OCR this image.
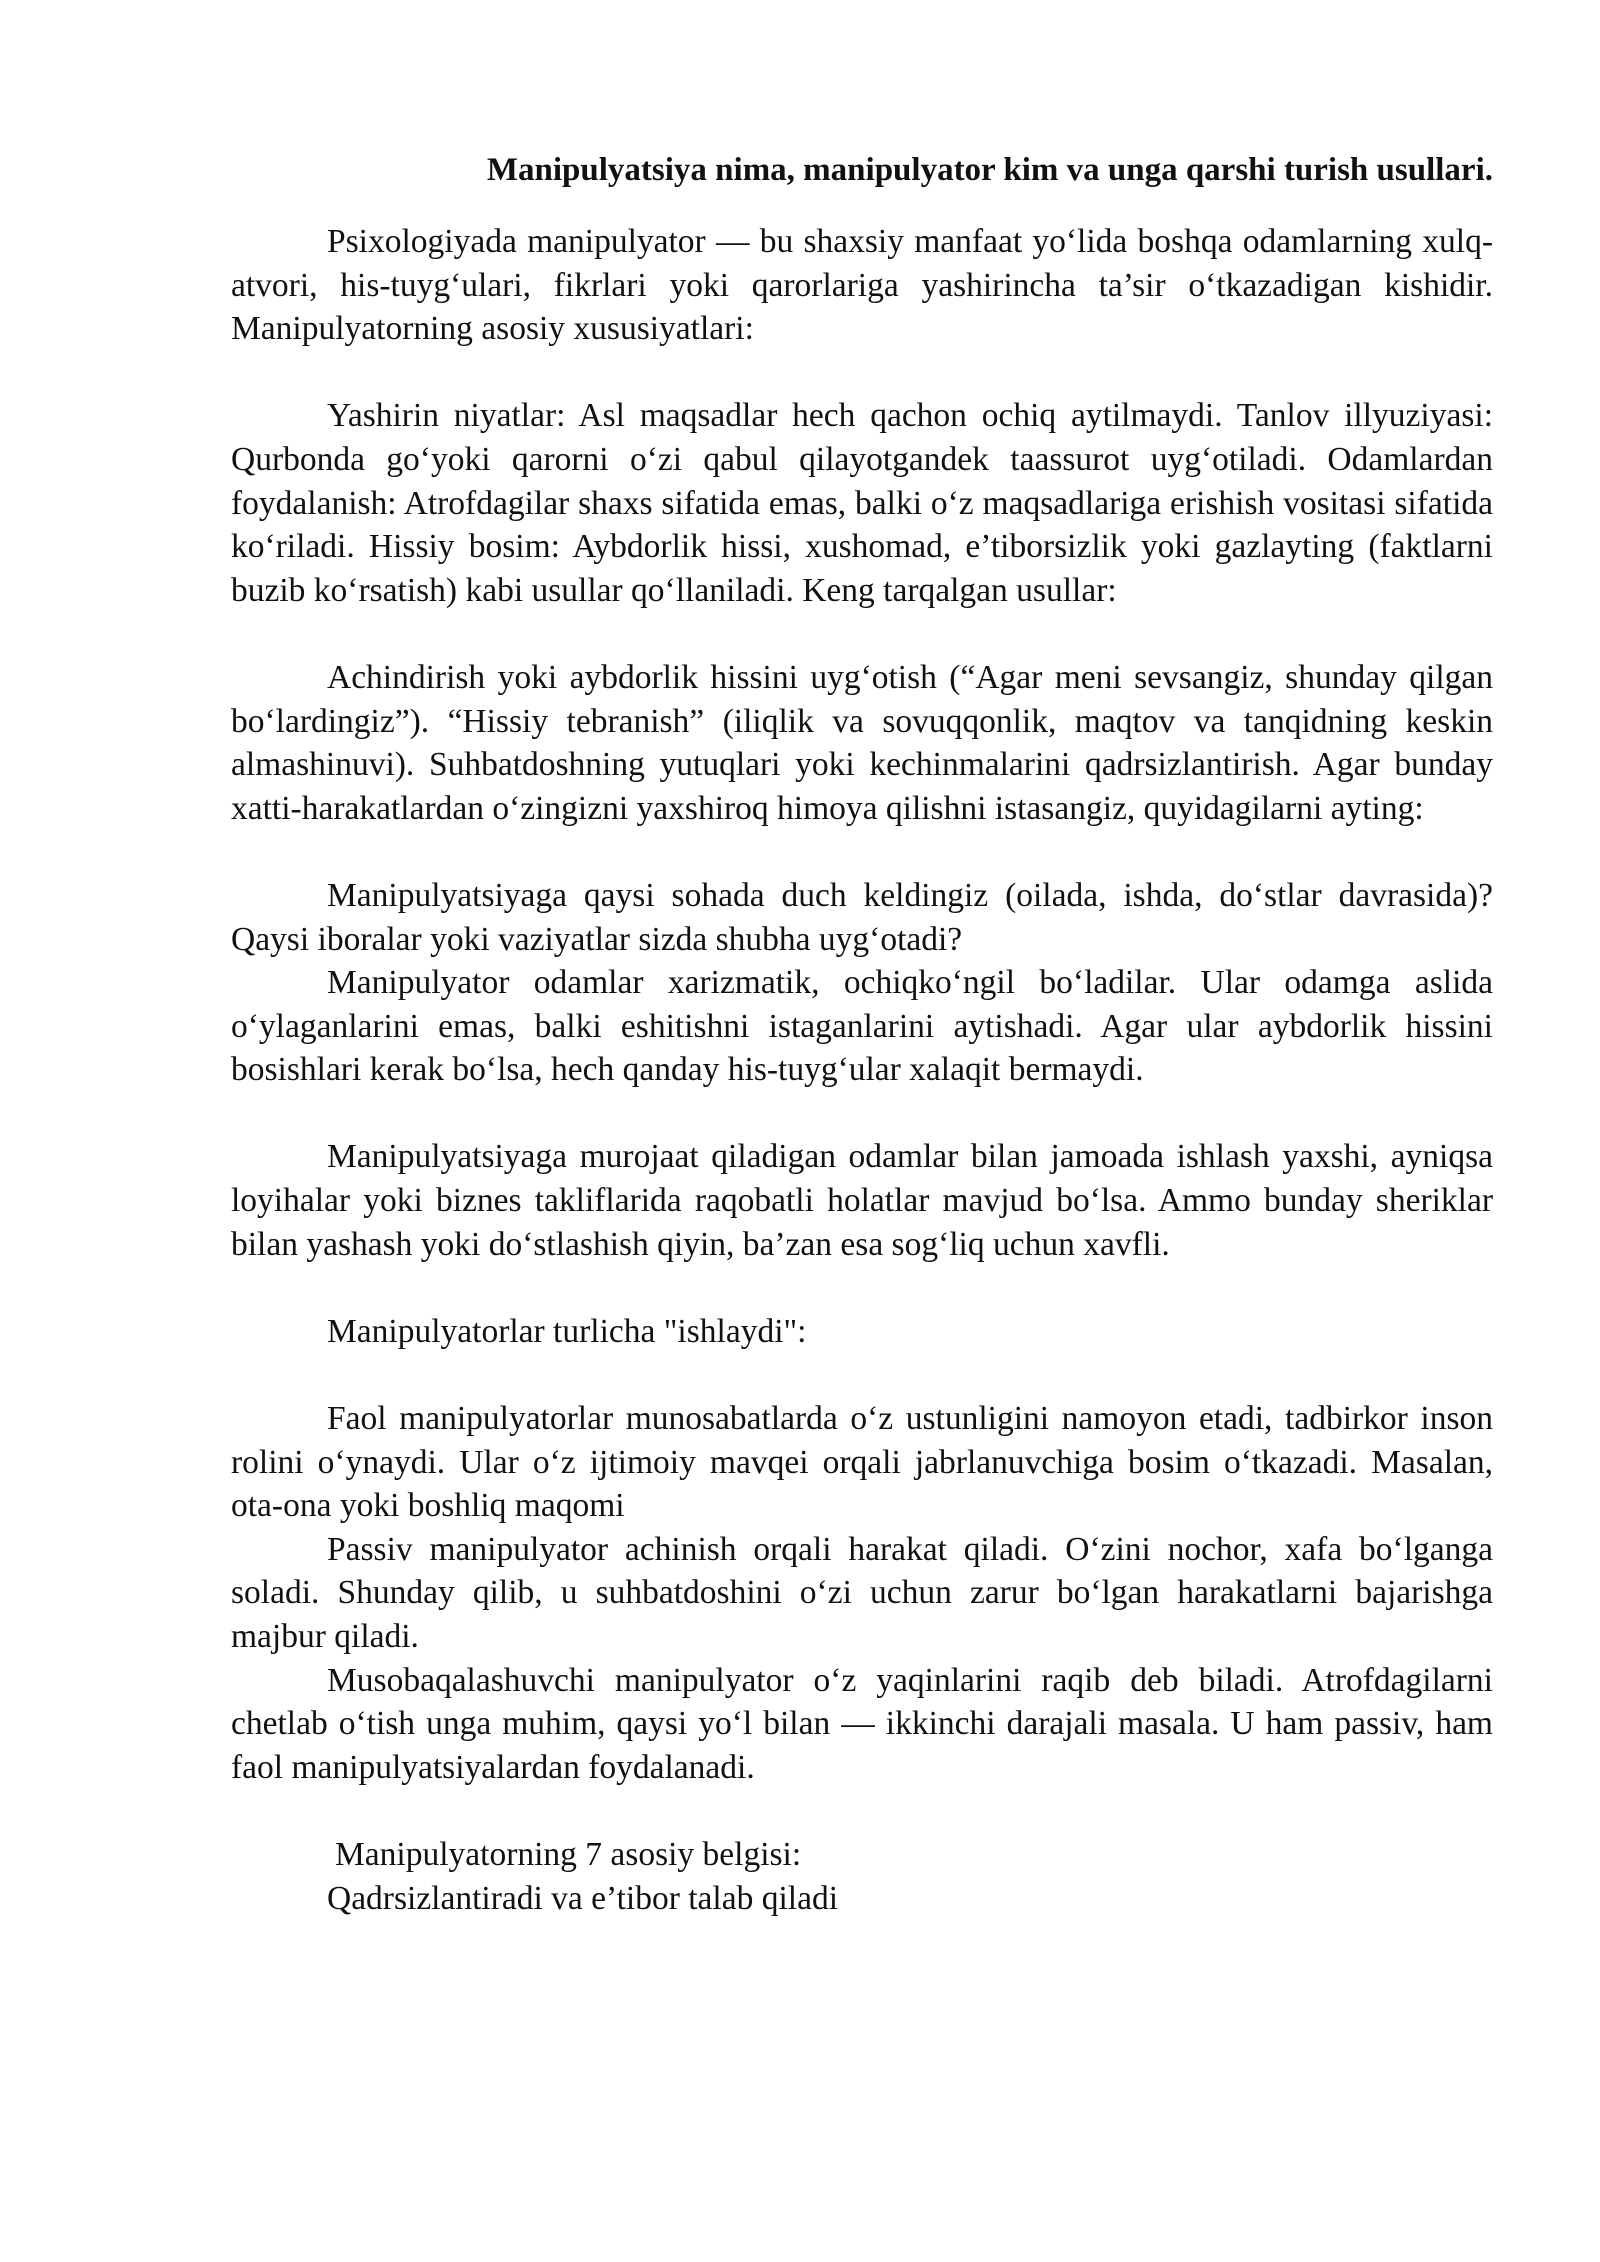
Manipulyatsiya nima, manipulyator kim va unga qarshi turish usullari.

Psixologiyada manipulyator — bu shaxsiy manfaat yo‘lida boshqa odamlarning xulq-atvori, his-tuyg‘ulari, fikrlari yoki qarorlariga yashirincha ta’sir o‘tkazadigan kishidir. Manipulyatorning asosiy xususiyatlari:

Yashirin niyatlar: Asl maqsadlar hech qachon ochiq aytilmaydi. Tanlov illyuziyasi: Qurbonda go‘yoki qarorni o‘zi qabul qilayotgandek taassurot uyg‘otiladi. Odamlardan foydalanish: Atrofdagilar shaxs sifatida emas, balki o‘z maqsadlariga erishish vositasi sifatida ko‘riladi. Hissiy bosim: Aybdorlik hissi, xushomad, e’tiborsizlik yoki gazlayting (faktlarni buzib ko‘rsatish) kabi usullar qo‘llaniladi. Keng tarqalgan usullar:

Achindirish yoki aybdorlik hissini uyg‘otish (“Agar meni sevsangiz, shunday qilgan bo‘lardingiz”). “Hissiy tebranish” (iliqlik va sovuqqonlik, maqtov va tanqidning keskin almashinuvi). Suhbatdoshning yutuqlari yoki kechinmalarini qadrsizlantirish. Agar bunday xatti-harakatlardan o‘zingizni yaxshiroq himoya qilishni istasangiz, quyidagilarni ayting:

Manipulyatsiyaga qaysi sohada duch keldingiz (oilada, ishda, do‘stlar davrasida)? Qaysi iboralar yoki vaziyatlar sizda shubha uyg‘otadi?

Manipulyator odamlar xarizmatik, ochiqko‘ngil bo‘ladilar. Ular odamga aslida o‘ylaganlarini emas, balki eshitishni istaganlarini aytishadi. Agar ular aybdorlik hissini bosishlari kerak bo‘lsa, hech qanday his-tuyg‘ular xalaqit bermaydi.

Manipulyatsiyaga murojaat qiladigan odamlar bilan jamoada ishlash yaxshi, ayniqsa loyihalar yoki biznes takliflarida raqobatli holatlar mavjud bo‘lsa. Ammo bunday sheriklar bilan yashash yoki do‘stlashish qiyin, ba’zan esa sog‘liq uchun xavfli.

Manipulyatorlar turlicha "ishlaydi":

Faol manipulyatorlar munosabatlarda o‘z ustunligini namoyon etadi, tadbirkor inson rolini o‘ynaydi. Ular o‘z ijtimoiy mavqei orqali jabrlanuvchiga bosim o‘tkazadi. Masalan, ota-ona yoki boshliq maqomi

Passiv manipulyator achinish orqali harakat qiladi. O‘zini nochor, xafa bo‘lganga soladi. Shunday qilib, u suhbatdoshini o‘zi uchun zarur bo‘lgan harakatlarni bajarishga majbur qiladi.

Musobaqalashuvchi manipulyator o‘z yaqinlarini raqib deb biladi. Atrofdagilarni chetlab o‘tish unga muhim, qaysi yo‘l bilan — ikkinchi darajali masala. U ham passiv, ham faol manipulyatsiyalardan foydalanadi.

Manipulyatorning 7 asosiy belgisi:

Qadrsizlantiradi va e’tibor talab qiladi
